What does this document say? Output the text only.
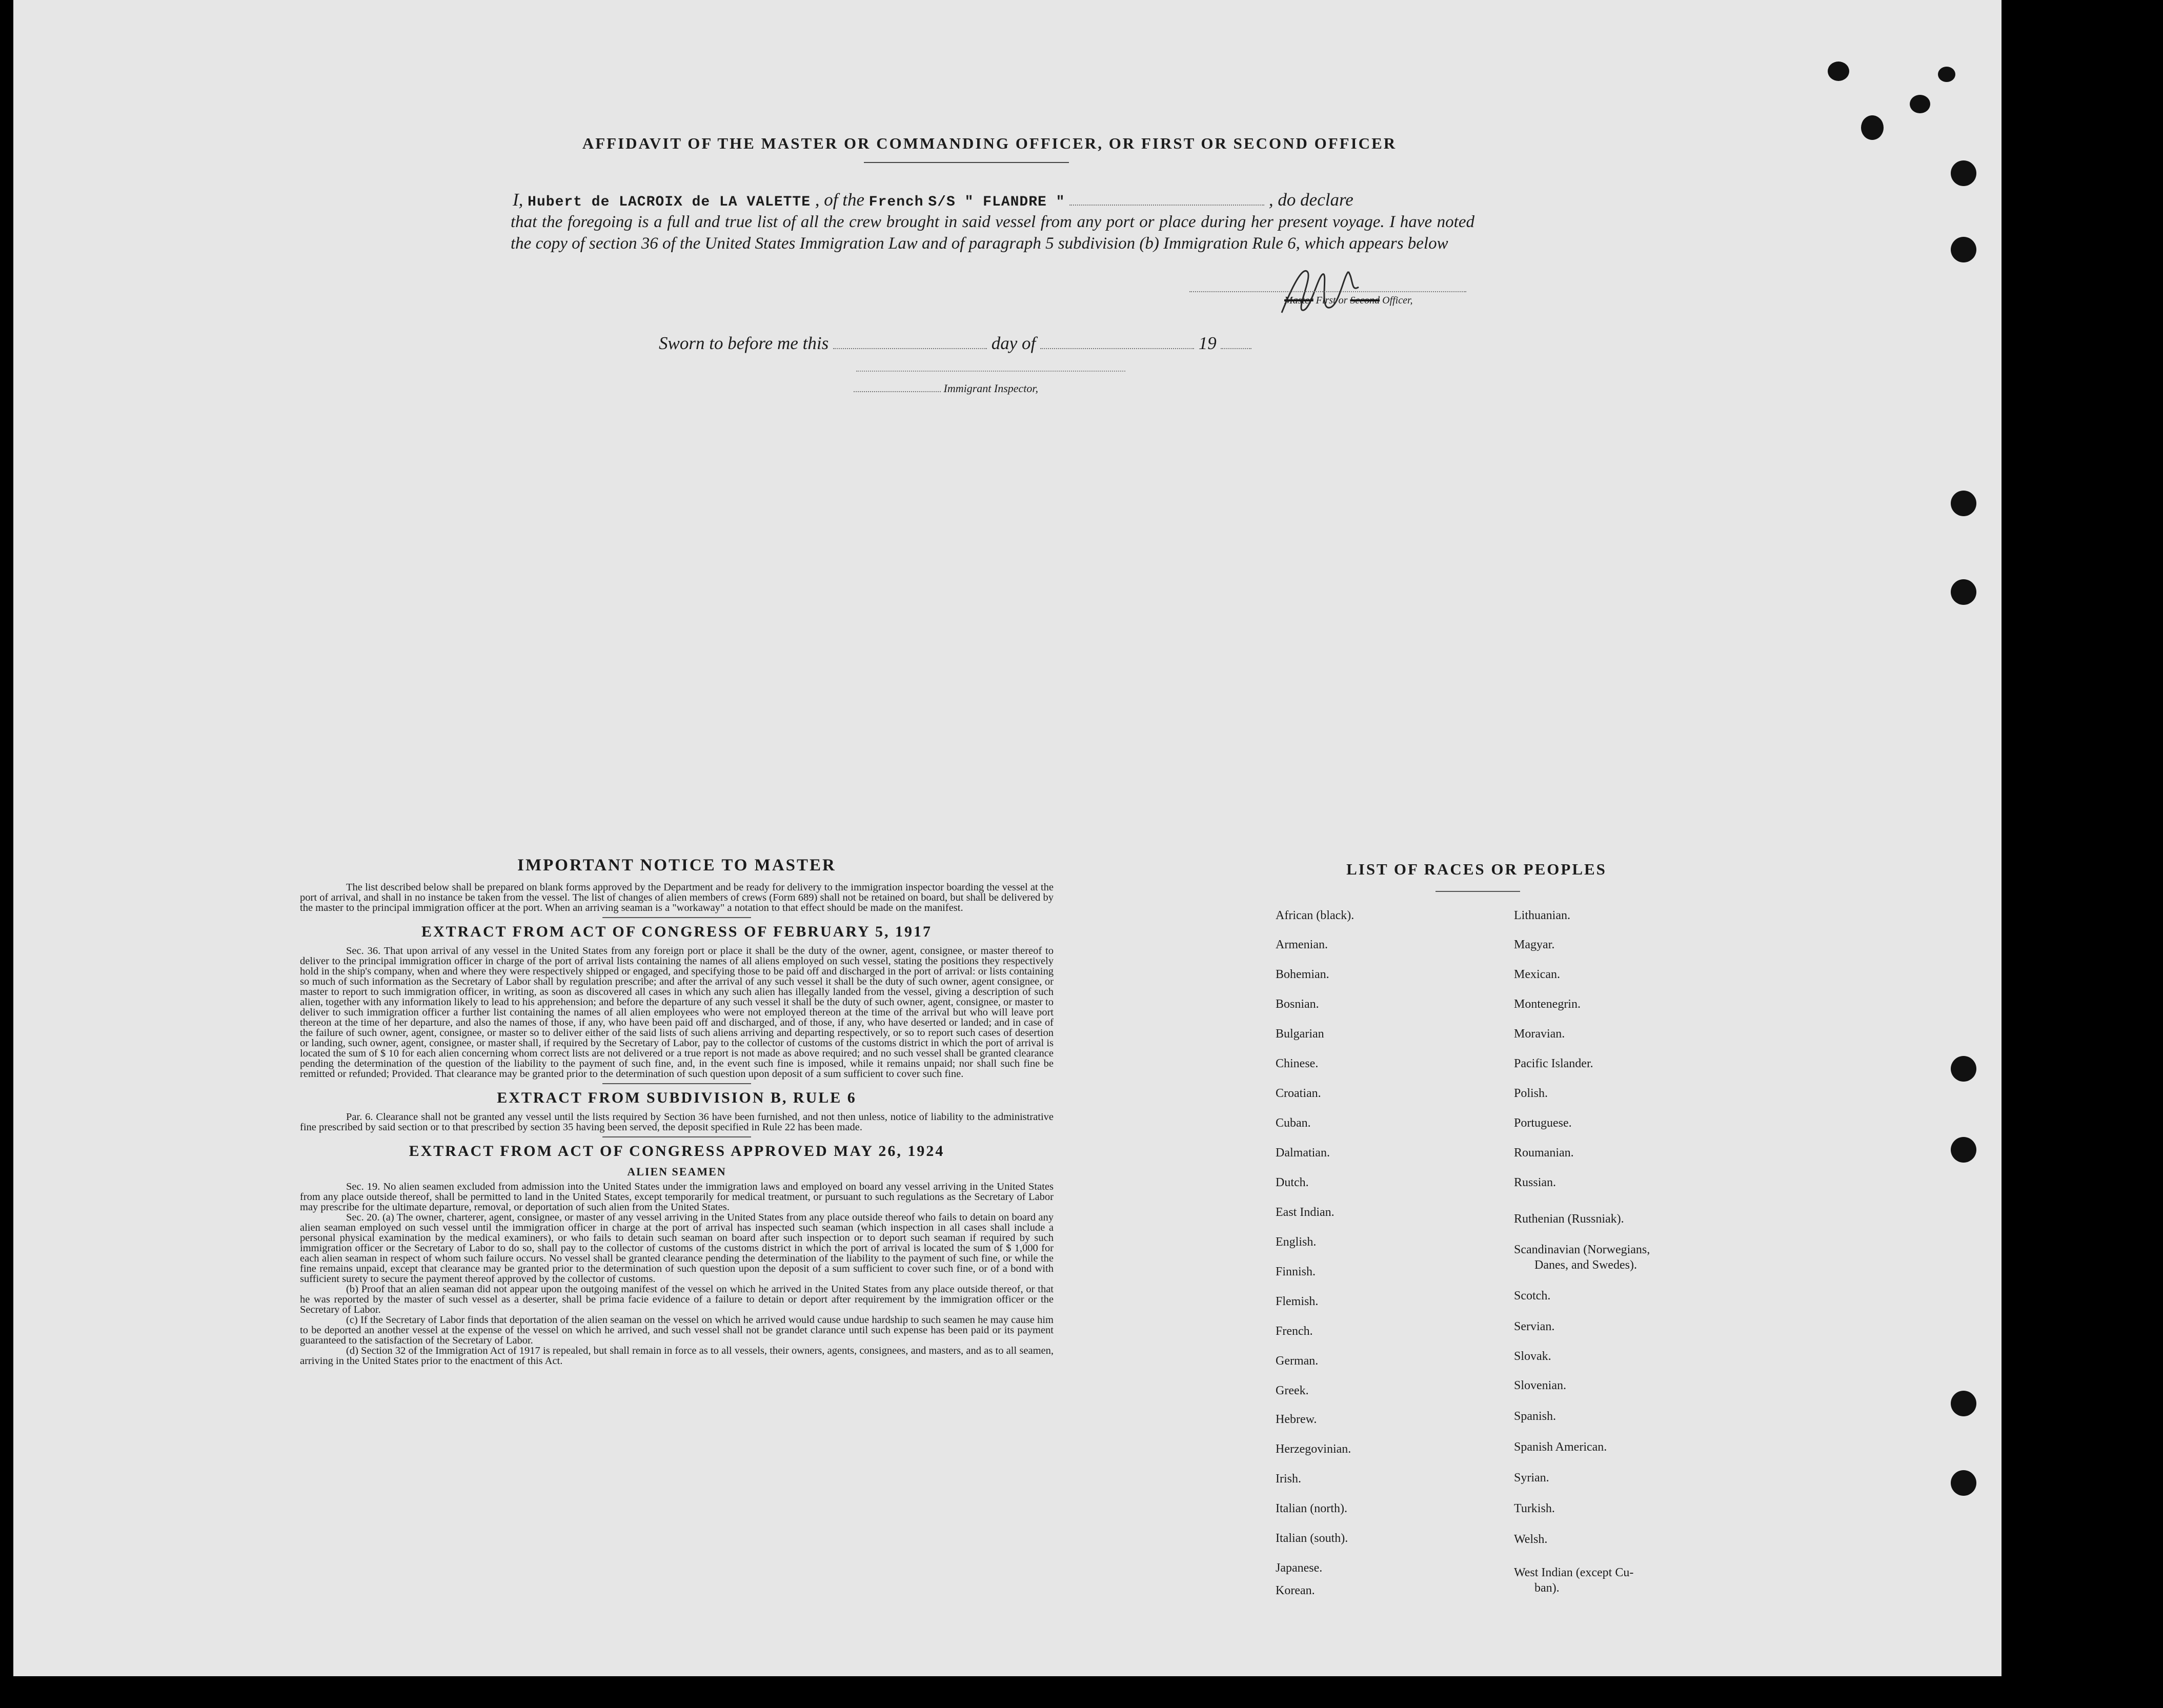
AFFIDAVIT OF THE MASTER OR COMMANDING OFFICER, OR FIRST OR SECOND OFFICER
I, Hubert de LACROIX de LA VALETTE , of the French S/S " FLANDRE "	, do declare
that the foregoing is a full and true list of all the crew brought in said vessel from any port or place during her present voyage. I have noted the copy of section 36 of the United States Immigration Law and of paragraph 5 subdivision (b) Immigration Rule 6, which appears below
Master First or Second Officer,
Sworn to before me this	day of	19
Immigrant Inspector,
IMPORTANT NOTICE TO MASTER

The list described below shall be prepared on blank forms approved by the Department and be ready for delivery to the immigration inspector boarding the vessel at the port of arrival, and shall in no instance be taken from the vessel. The list of changes of alien members of crews (Form 689) shall not be retained on board, but shall be delivered by the master to the principal immigration officer at the port. When an arriving seaman is a "workaway" a notation to that effect should be made on the manifest.

EXTRACT FROM ACT OF CONGRESS OF FEBRUARY 5, 1917

Sec. 36. That upon arrival of any vessel in the United States from any foreign port or place it shall be the duty of the owner, agent, consignee, or master thereof to deliver to the principal immigration officer in charge of the port of arrival lists containing the names of all aliens employed on such vessel, stating the positions they respectively hold in the ship's company, when and where they were respectively shipped or engaged, and specifying those to be paid off and discharged in the port of arrival: or lists containing so much of such information as the Secretary of Labor shall by regulation prescribe; and after the arrival of any such vessel it shall be the duty of such owner, agent consignee, or master to report to such immigration officer, in writing, as soon as discovered all cases in which any such alien has illegally landed from the vessel, giving a description of such alien, together with any information likely to lead to his apprehension; and before the departure of any such vessel it shall be the duty of such owner, agent, consignee, or master to deliver to such immigration officer a further list containing the names of all alien employees who were not employed thereon at the time of the arrival but who will leave port thereon at the time of her departure, and also the names of those, if any, who have been paid off and discharged, and of those, if any, who have deserted or landed; and in case of the failure of such owner, agent, consignee, or master so to deliver either of the said lists of such aliens arriving and departing respectively, or so to report such cases of desertion or landing, such owner, agent, consignee, or master shall, if required by the Secretary of Labor, pay to the collector of customs of the customs district in which the port of arrival is located the sum of $ 10 for each alien concerning whom correct lists are not delivered or a true report is not made as above required; and no such vessel shall be granted clearance pending the determination of the question of the liability to the payment of such fine, and, in the event such fine is imposed, while it remains unpaid; nor shall such fine be remitted or refunded; Provided. That clearance may be granted prior to the determination of such question upon deposit of a sum sufficient to cover such fine.

EXTRACT FROM SUBDIVISION B, RULE 6

Par. 6. Clearance shall not be granted any vessel until the lists required by Section 36 have been furnished, and not then unless, notice of liability to the administrative fine prescribed by said section or to that prescribed by section 35 having been served, the deposit specified in Rule 22 has been made.

EXTRACT FROM ACT OF CONGRESS APPROVED MAY 26, 1924
ALIEN SEAMEN

Sec. 19. No alien seamen excluded from admission into the United States under the immigration laws and employed on board any vessel arriving in the United States from any place outside thereof, shall be permitted to land in the United States, except temporarily for medical treatment, or pursuant to such regulations as the Secretary of Labor may prescribe for the ultimate departure, removal, or deportation of such alien from the United States.

Sec. 20. (a) The owner, charterer, agent, consignee, or master of any vessel arriving in the United States from any place outside thereof who fails to detain on board any alien seaman employed on such vessel until the immigration officer in charge at the port of arrival has inspected such seaman (which inspection in all cases shall include a personal physical examination by the medical examiners), or who fails to detain such seaman on board after such inspection or to deport such seaman if required by such immigration officer or the Secretary of Labor to do so, shall pay to the collector of customs of the customs district in which the port of arrival is located the sum of $ 1,000 for each alien seaman in respect of whom such failure occurs. No vessel shall be granted clearance pending the determination of the liability to the payment of such fine, or while the fine remains unpaid, except that clearance may be granted prior to the determination of such question upon the deposit of a sum sufficient to cover such fine, or of a bond with sufficient surety to secure the payment thereof approved by the collector of customs.

(b) Proof that an alien seaman did not appear upon the outgoing manifest of the vessel on which he arrived in the United States from any place outside thereof, or that he was reported by the master of such vessel as a deserter, shall be prima facie evidence of a failure to detain or deport after requirement by the immigration officer or the Secretary of Labor.

(c) If the Secretary of Labor finds that deportation of the alien seaman on the vessel on which he arrived would cause undue hardship to such seamen he may cause him to be deported an another vessel at the expense of the vessel on which he arrived, and such vessel shall not be grandet clarance until such expense has been paid or its payment guaranteed to the satisfaction of the Secretary of Labor.

(d) Section 32 of the Immigration Act of 1917 is repealed, but shall remain in force as to all vessels, their owners, agents, consignees, and masters, and as to all seamen, arriving in the United States prior to the enactment of this Act.

LIST OF RACES OR PEOPLES
African (black).
Armenian.
Bohemian.
Bosnian.
Bulgarian
Chinese.
Croatian.
Cuban.
Dalmatian.
Dutch.
East Indian.
English.
Finnish.
Flemish.
French.
German.
Greek.
Hebrew.
Herzegovinian.
Irish.
Italian (north).
Italian (south).
Japanese.
Korean.
Lithuanian.
Magyar.
Mexican.
Montenegrin.
Moravian.
Pacific Islander.
Polish.
Portuguese.
Roumanian.
Russian.
Ruthenian (Russniak).
Scandinavian (Norwegians,
Danes, and Swedes).
Scotch.
Servian.
Slovak.
Slovenian.
Spanish.
Spanish American.
Syrian.
Turkish.
Welsh.
West Indian (except Cu-
ban).
